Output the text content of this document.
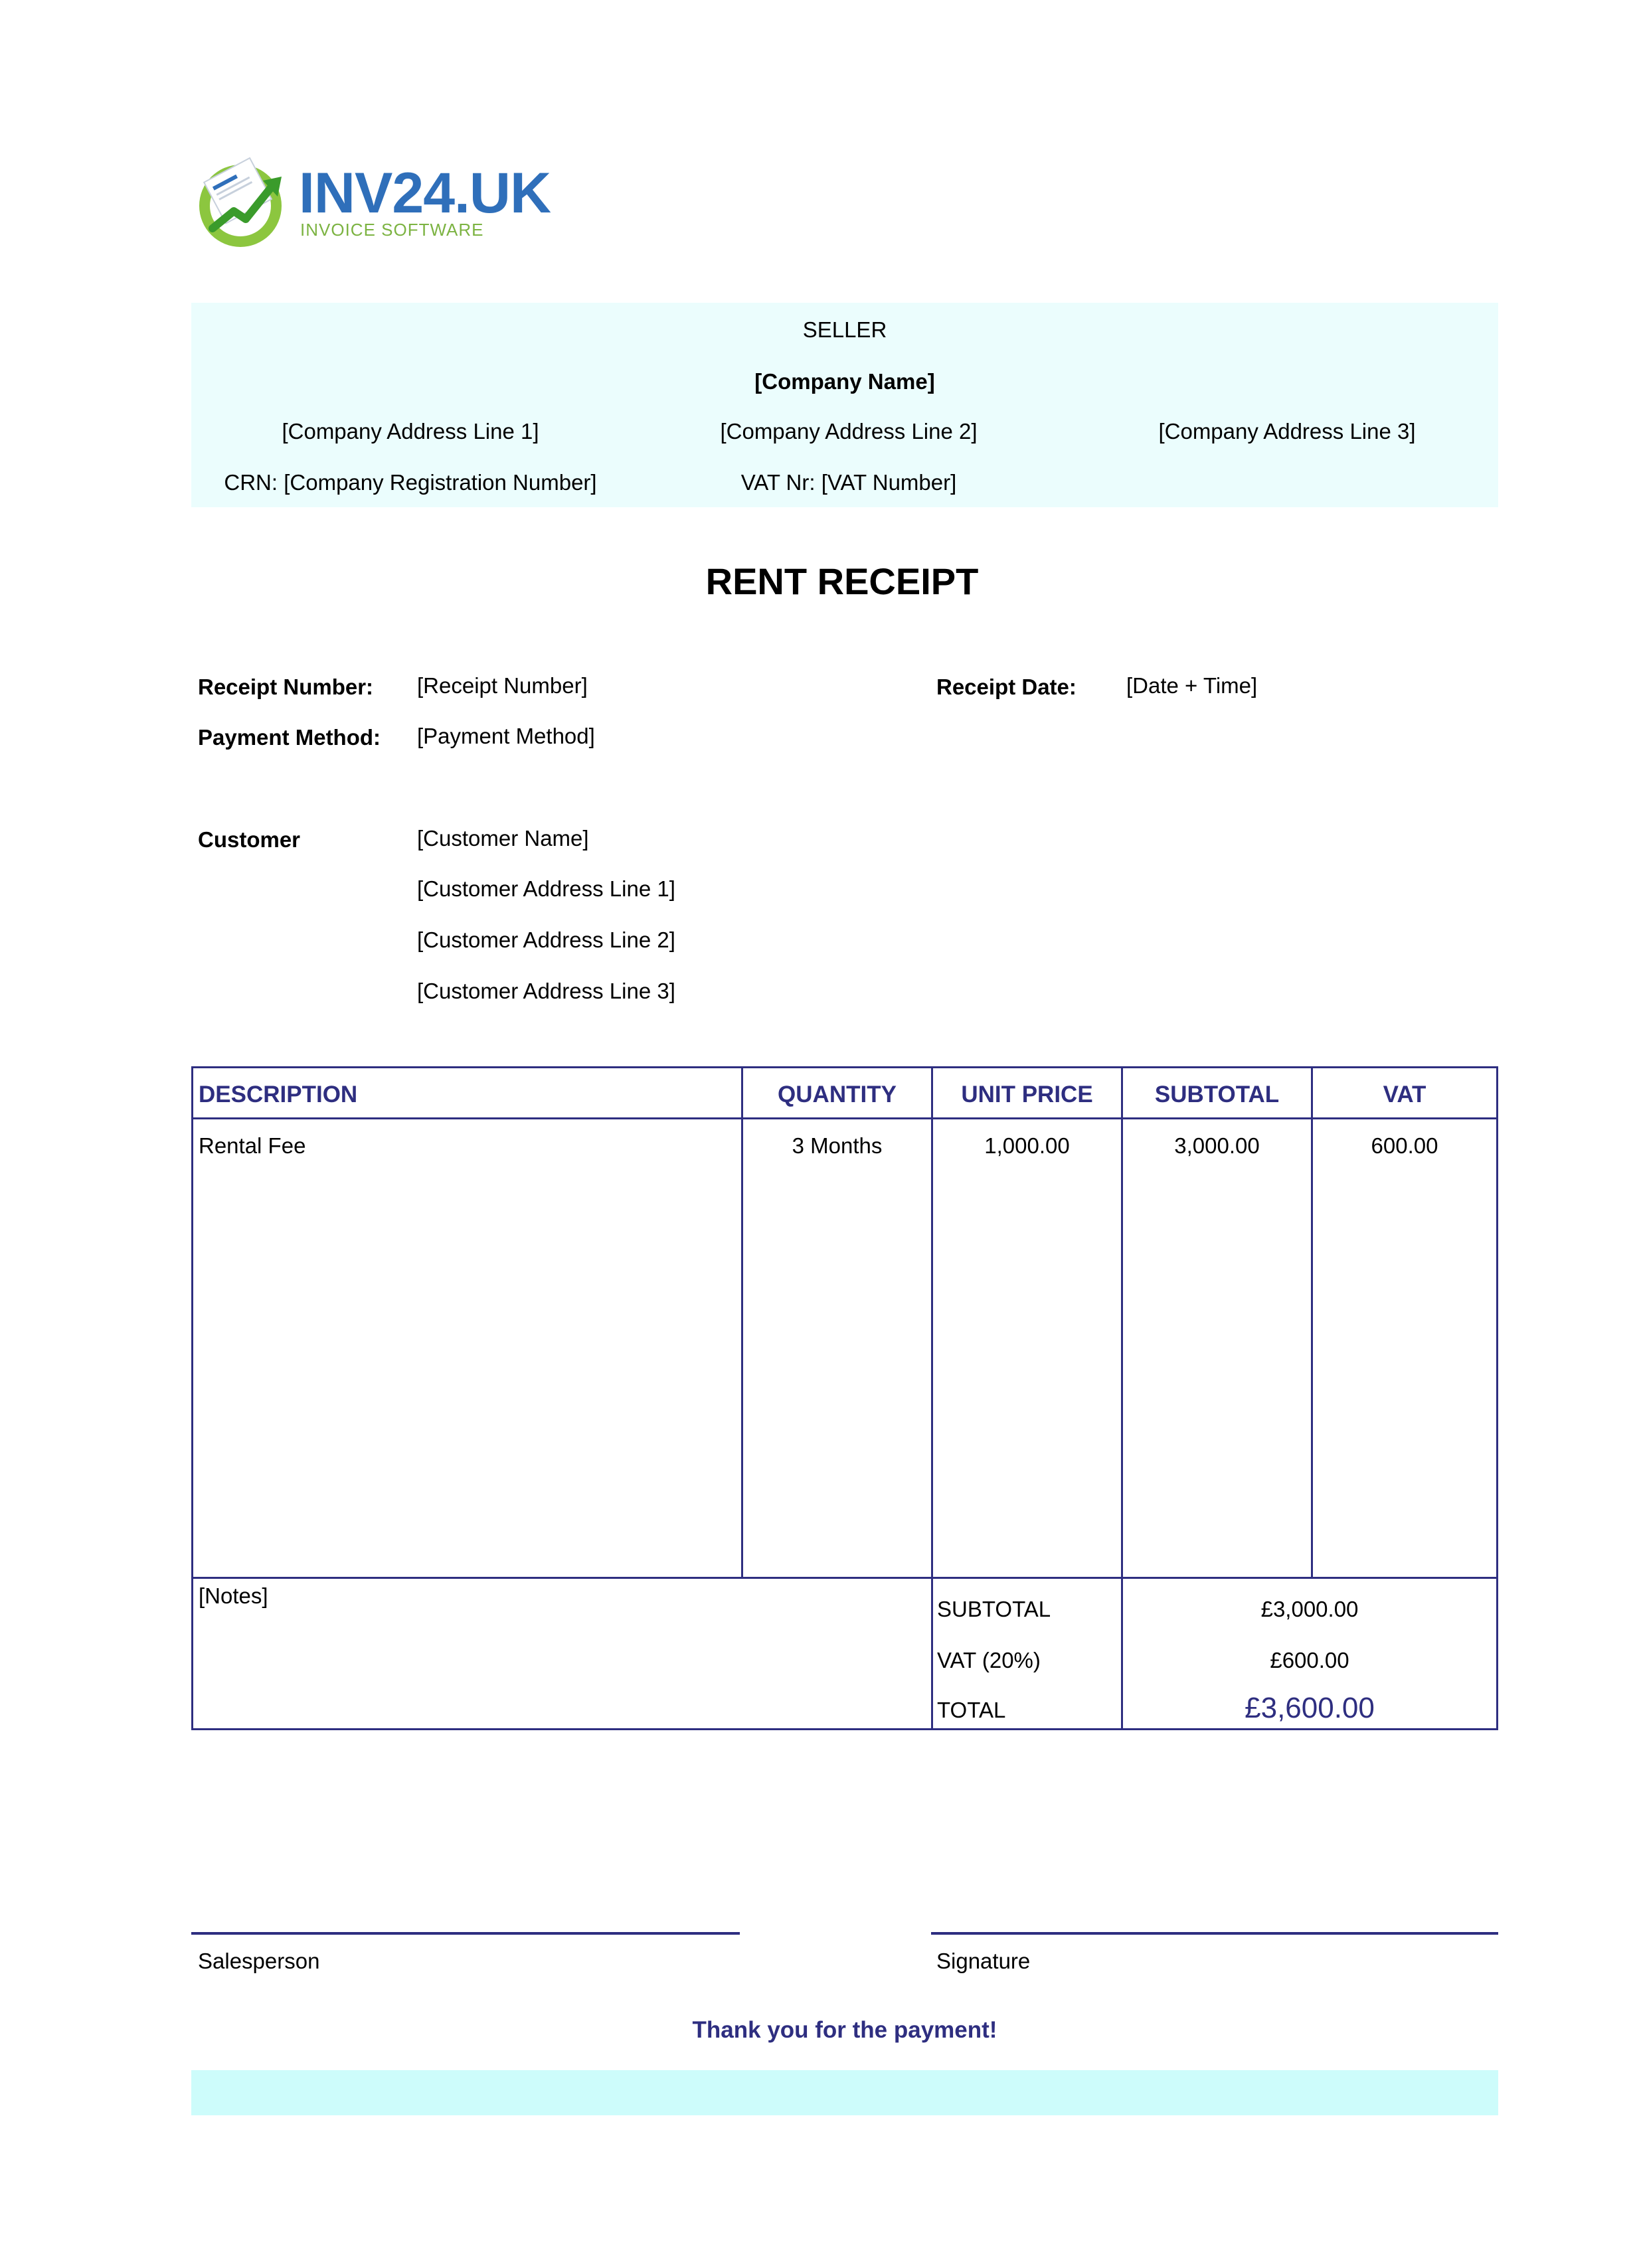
INV24.UK
INVOICE SOFTWARE
SELLER
[Company Name]
[Company Address Line 1]	[Company Address Line 2]	[Company Address Line 3]
CRN: [Company Registration Number]	VAT Nr: [VAT Number]
RENT RECEIPT
Receipt Number: [Receipt Number]	Receipt Date: [Date + Time]
Payment Method: [Payment Method]
Customer	[Customer Name]
[Customer Address Line 1]
[Customer Address Line 2]
[Customer Address Line 3]
DESCRIPTION	QUANTITY	UNIT PRICE	SUBTOTAL	VAT
Rental Fee	3 Months	1,000.00	3,000.00	600.00
[Notes]
SUBTOTAL	£3,000.00
VAT (20%)	£600.00
TOTAL	£3,600.00
Salesperson	Signature
Thank you for the payment!
